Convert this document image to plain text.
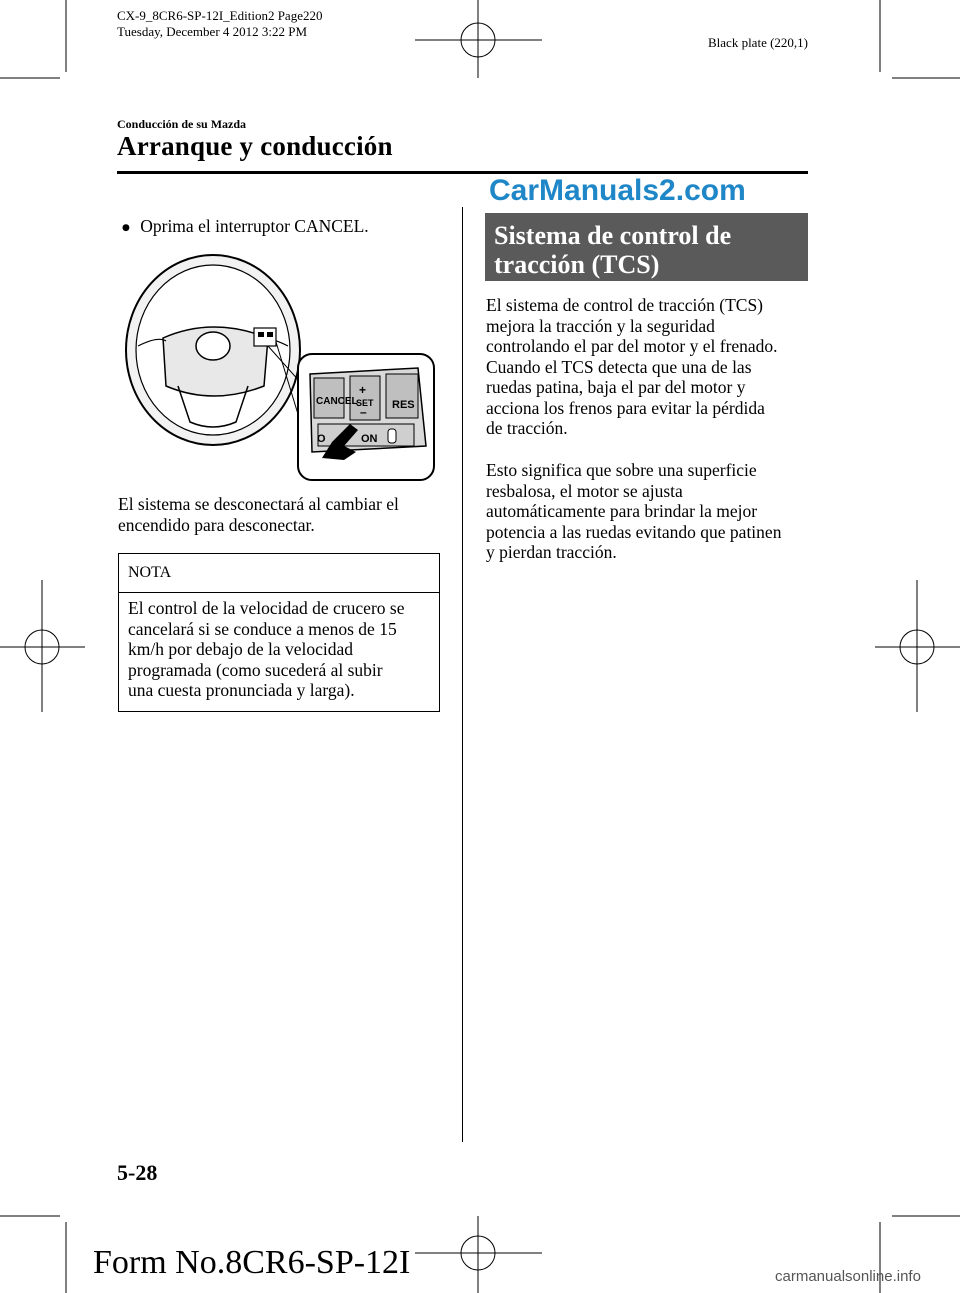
CX-9_8CR6-SP-12I_Edition2 Page220
Tuesday, December 4 2012 3:22 PM
Black plate (220,1)
Conducción de su Mazda
Arranque y conducción
● Oprima el interruptor CANCEL.
CANCEL
+
SET
– RES
O	ON
El sistema se desconectará al cambiar el
encendido para desconectar.
NOTA
El control de la velocidad de crucero se
cancelará si se conduce a menos de 15
km/h por debajo de la velocidad
programada (como sucederá al subir
una cuesta pronunciada y larga).
CarManuals2.com
Sistema de control de
tracción (TCS)
El sistema de control de tracción (TCS)
mejora la tracción y la seguridad
controlando el par del motor y el frenado.
Cuando el TCS detecta que una de las
ruedas patina, baja el par del motor y
acciona los frenos para evitar la pérdida
de tracción.
Esto significa que sobre una superficie
resbalosa, el motor se ajusta
automáticamente para brindar la mejor
potencia a las ruedas evitando que patinen
y pierdan tracción.
5-28
Form No.8CR6-SP-12I	carmanualsonline.info
